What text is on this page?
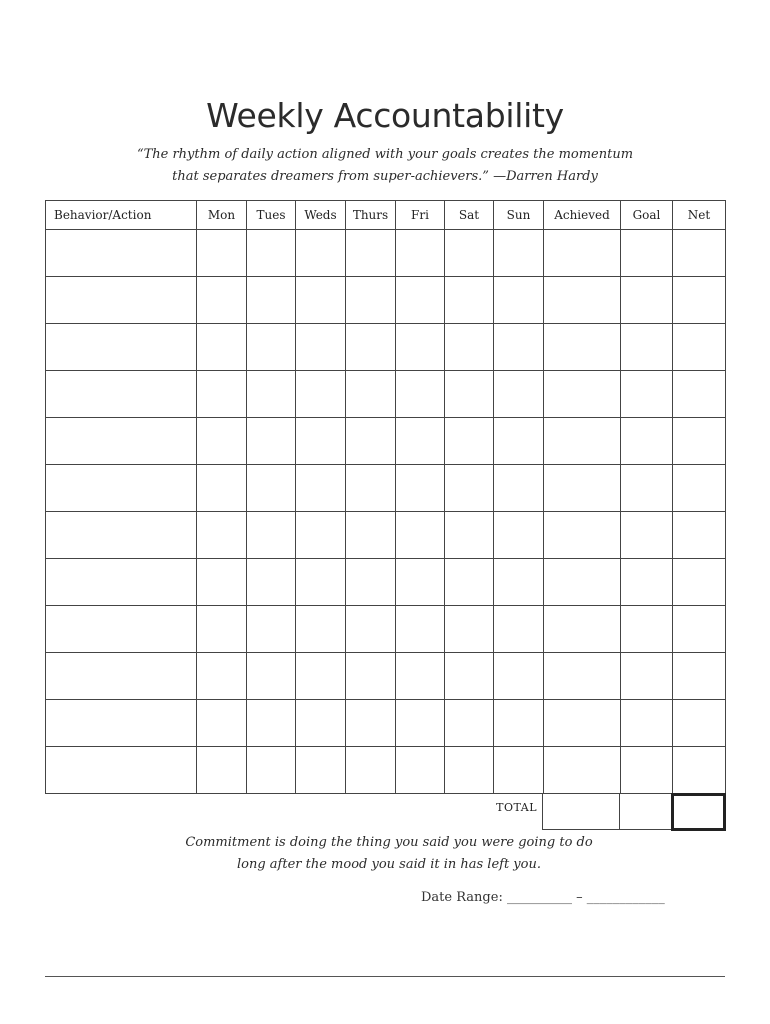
Weekly Accountability
“The rhythm of daily action aligned with your goals creates the momentum
that separates dreamers from super-achievers.” —Darren Hardy
Behavior/Action	Mon	Tues	Weds	Thurs	Fri	Sat	Sun	Achieved	Goal	Net

TOTAL
Commitment is doing the thing you said you were going to do
long after the mood you said it in has left you.
Date Range: __________ – ____________
